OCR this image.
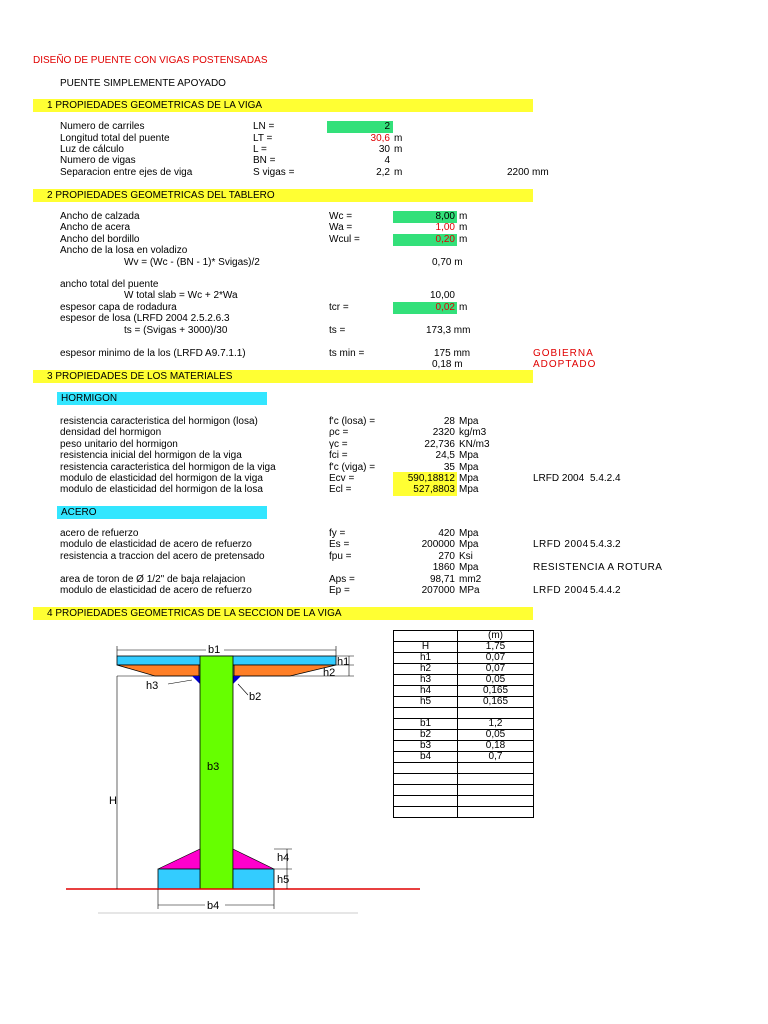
DISEÑO DE PUENTE CON VIGAS POSTENSADAS
PUENTE SIMPLEMENTE APOYADO
1 PROPIEDADES GEOMETRICAS DE LA VIGA
Numero de carriles	LN =	2
Longitud total del puente	LT =	30,6 m
Luz de cálculo	L =	30 m
Numero de vigas	BN =	4
Separacion entre ejes de viga	S vigas =	2,2 m	2200 mm
2 PROPIEDADES GEOMETRICAS DEL TABLERO
Ancho de calzada	Wc =	8,00 m
Ancho de acera	Wa =	1,00 m
Ancho del bordillo	Wcul =	0,20 m
Ancho de la losa en voladizo
Wv = (Wc - (BN - 1)* Svigas)/2	0,70 m
ancho total del puente
W total slab = Wc + 2*Wa	10,00
espesor capa de rodadura	tcr =	0,02 m
espesor de losa (LRFD 2004 2.5.2.6.3
ts = (Svigas + 3000)/30	ts =	173,3 mm
espesor minimo de la los (LRFD A9.7.1.1)	ts min =	175 mm	GOBIERNA
0,18 m	ADOPTADO
3 PROPIEDADES DE LOS MATERIALES
HORMIGON
resistencia caracteristica del hormigon (losa)	f'c (losa) =	28 Mpa
densidad del hormigon	ρc =	2320 kg/m3
peso unitario del hormigon	γc =	22,736 KN/m3
resistencia inicial del hormigon de la viga	fci =	24,5 Mpa
resistencia caracteristica del hormigon de la viga	f'c (viga) =	35 Mpa
modulo de elasticidad del hormigon de la viga	Ecv =	590,18812 Mpa	LRFD 2004 5.4.2.4
modulo de elasticidad del hormigon de la losa	Ecl =	527,8803 Mpa
ACERO
acero de refuerzo	fy =	420 Mpa
modulo de elasticidad de acero de refuerzo	Es =	200000 Mpa	LRFD 2004 5.4.3.2
resistencia a traccion del acero de pretensado	fpu =	270 Ksi
1860 Mpa	RESISTENCIA A ROTURA
area de toron de Ø 1/2" de baja relajacion	Aps =	98,71 mm2
modulo de elasticidad de acero de refuerzo	Ep =	207000 MPa	LRFD 2004 5.4.4.2
4 PROPIEDADES GEOMETRICAS DE LA SECCION DE LA VIGA
	(m)
H	1,75
h1	0,07
h2	0,07
h3	0,05
h4	0,165
h5	0,165

b1	1,2
b2	0,05
b3	0,18
b4	0,7

b1
h1
h2
h3
b2
b3
H
h4
h5
b4
